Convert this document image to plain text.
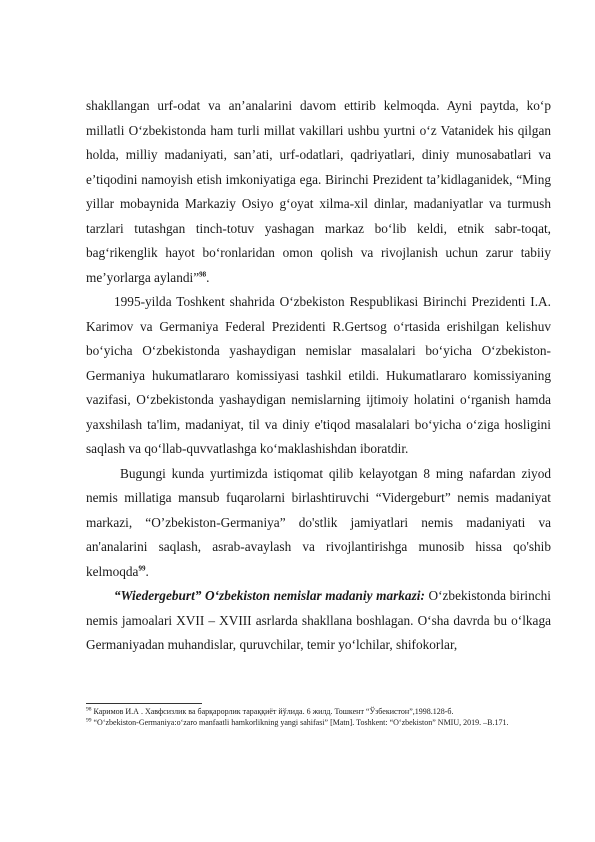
shakllangan urf-odat va an’analarini davom ettirib kelmoqda. Ayni paytda, ko‘p millatli O‘zbekistonda ham turli millat vakillari ushbu yurtni o‘z Vatanidek his qilgan holda, milliy madaniyati, san’ati, urf-odatlari, qadriyatlari, diniy munosabatlari va e’tiqodini namoyish etish imkoniyatiga ega. Birinchi Prezident ta’kidlaganidek, “Ming yillar mobaynida Markaziy Osiyo g‘oyat xilma-xil dinlar, madaniyatlar va turmush tarzlari tutashgan tinch-totuv yashagan markaz bo‘lib keldi, etnik sabr-toqat, bag‘rikenglik hayot bo‘ronlaridan omon qolish va rivojlanish uchun zarur tabiiy me’yorlarga aylandi”$^{98}$.

1995-yilda Toshkent shahrida O‘zbekiston Respublikasi Birinchi Prezidenti I.A. Karimov va Germaniya Federal Prezidenti R.Gertsog o‘rtasida erishilgan kelishuv bo‘yicha O‘zbekistonda yashaydigan nemislar masalalari bo‘yicha O‘zbekiston-Germaniya hukumatlararo komissiyasi tashkil etildi. Hukumatlararo komissiyaning vazifasi, O‘zbekistonda yashaydigan nemislarning ijtimoiy holatini o‘rganish hamda yaxshilash ta'lim, madaniyat, til va diniy e'tiqod masalalari bo‘yicha o‘ziga hosligini saqlash va qo‘llab-quvvatlashga ko‘maklashishdan iboratdir.

Bugungi kunda yurtimizda istiqomat qilib kelayotgan 8 ming nafardan ziyod nemis millatiga mansub fuqarolarni birlashtiruvchi “Vidergeburt” nemis madaniyat markazi, “O’zbekiston-Germaniya” do'stlik jamiyatlari nemis madaniyati va an'analarini saqlash, asrab-avaylash va rivojlantirishga munosib hissa qo'shib kelmoqda$^{99}$.

“Wiedergeburt” O‘zbekiston nemislar madaniy markazi: O‘zbekistonda birinchi nemis jamoalari XVII – XVIII asrlarda shakllana boshlagan. O‘sha davrda bu o‘lkaga Germaniyadan muhandislar, quruvchilar, temir yo‘lchilar, shifokorlar,

$^{98}$ Каримов И.А . Хавфсизлик ва барқарорлик тараққиёт йўлида. 6 жилд. Тошкент “Ўзбекистон”,1998.128-б.

$^{99}$ “O‘zbekiston-Germaniya:o‘zaro manfaatli hamkorlikning yangi sahifasi” [Matn]. Toshkent: “O‘zbekiston” NMIU, 2019. –B.171.
